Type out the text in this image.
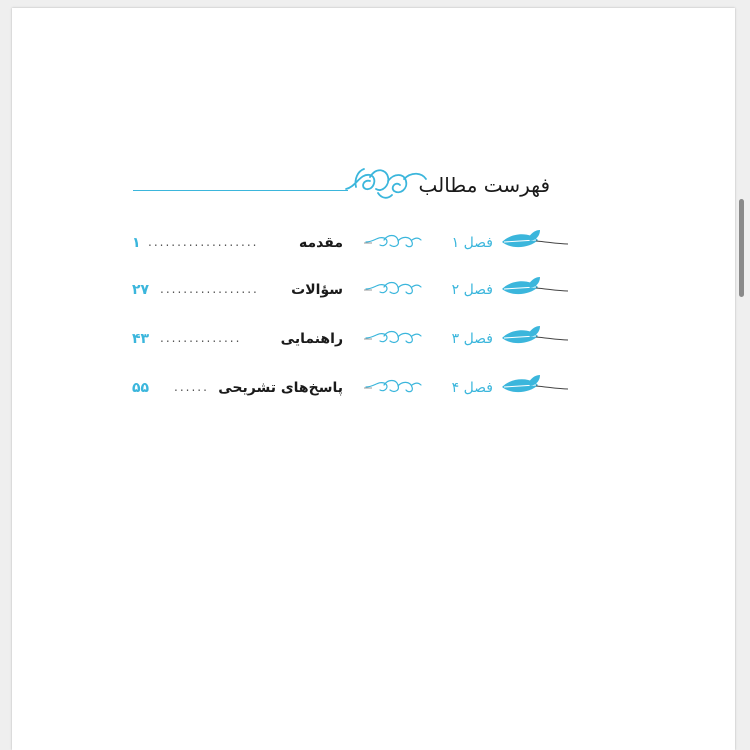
فهرست مطالب
فصل ۱
مقدمه
...................
۱
فصل ۲
سؤالات
.................
۲۷
فصل ۳
راهنمایی
..............
۴۳
فصل ۴
پاسخ‌های تشریحی
......
۵۵
